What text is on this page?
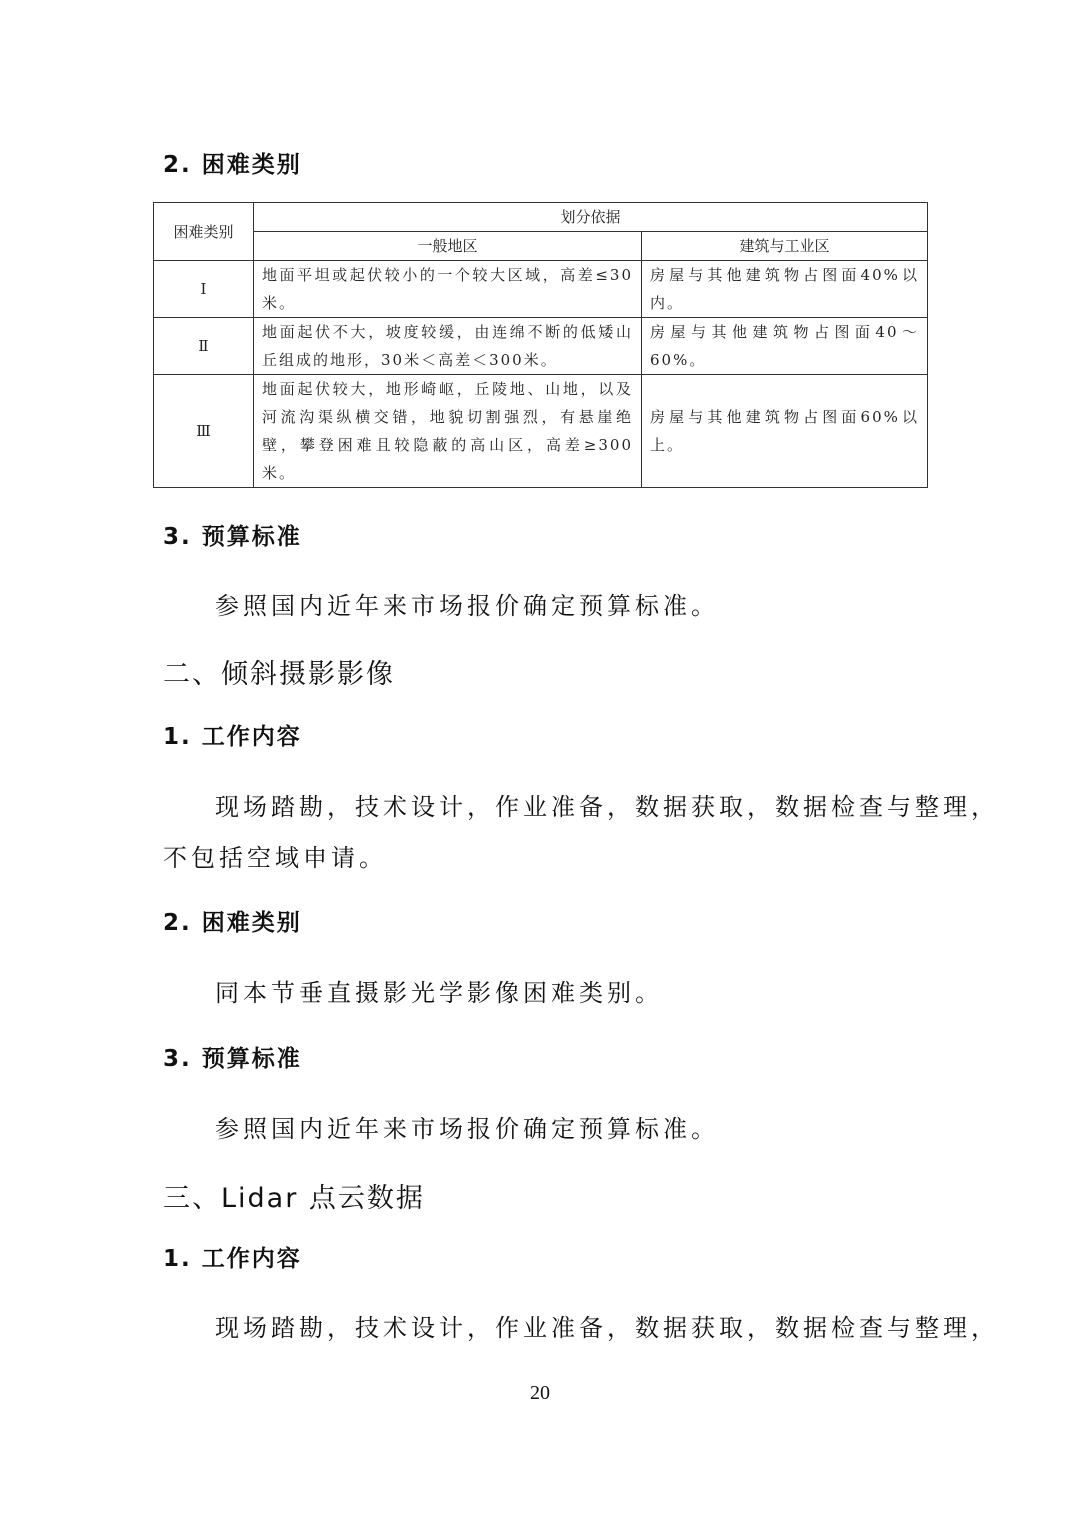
2. 困难类别
困难类别	划分依据	
	一般地区	建筑与工业区
Ⅰ	地面平坦或起伏较小的一个较大区域，高差≤30米。	房屋与其他建筑物占图面40%以内。
Ⅱ	地面起伏不大，坡度较缓，由连绵不断的低矮山丘组成的地形，30米＜高差＜300米。	房屋与其他建筑物占图面40～60%。
Ⅲ	地面起伏较大，地形崎岖，丘陵地、山地，以及河流沟渠纵横交错，地貌切割强烈，有悬崖绝壁，攀登困难且较隐蔽的高山区，高差≥300米。	房屋与其他建筑物占图面60%以上。
3. 预算标准
参照国内近年来市场报价确定预算标准。
二、倾斜摄影影像
1. 工作内容
现场踏勘，技术设计，作业准备，数据获取，数据检查与整理，
不包括空域申请。
2. 困难类别
同本节垂直摄影光学影像困难类别。
3. 预算标准
参照国内近年来市场报价确定预算标准。
三、Lidar 点云数据
1. 工作内容
现场踏勘，技术设计，作业准备，数据获取，数据检查与整理，
20
